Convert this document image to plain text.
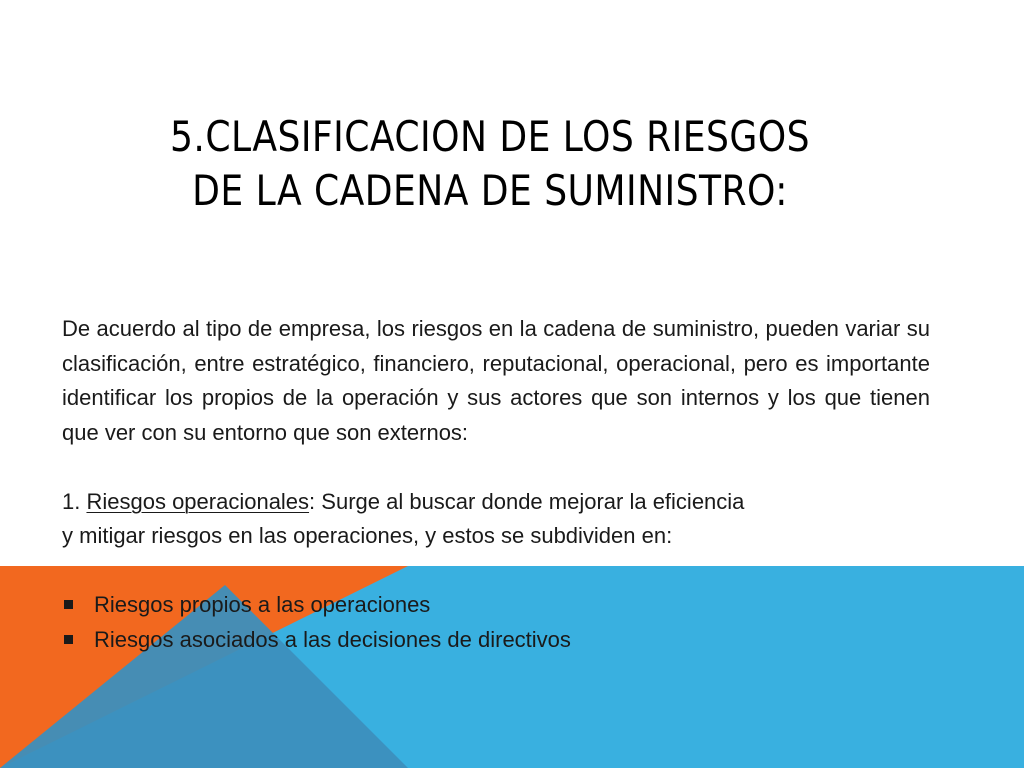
5.CLASIFICACION DE LOS RIESGOS
DE LA CADENA DE SUMINISTRO:

De acuerdo al tipo de empresa, los riesgos en la cadena de suministro, pueden variar su clasificación, entre estratégico, financiero, reputacional, operacional, pero es importante identificar los propios de la operación y sus actores que son internos y los que tienen que ver con su entorno que son externos:

1. Riesgos operacionales: Surge al buscar donde mejorar la eficiencia

y mitigar riesgos en las operaciones, y estos se subdividen en:

Riesgos propios a las operaciones
Riesgos asociados a las decisiones de directivos
